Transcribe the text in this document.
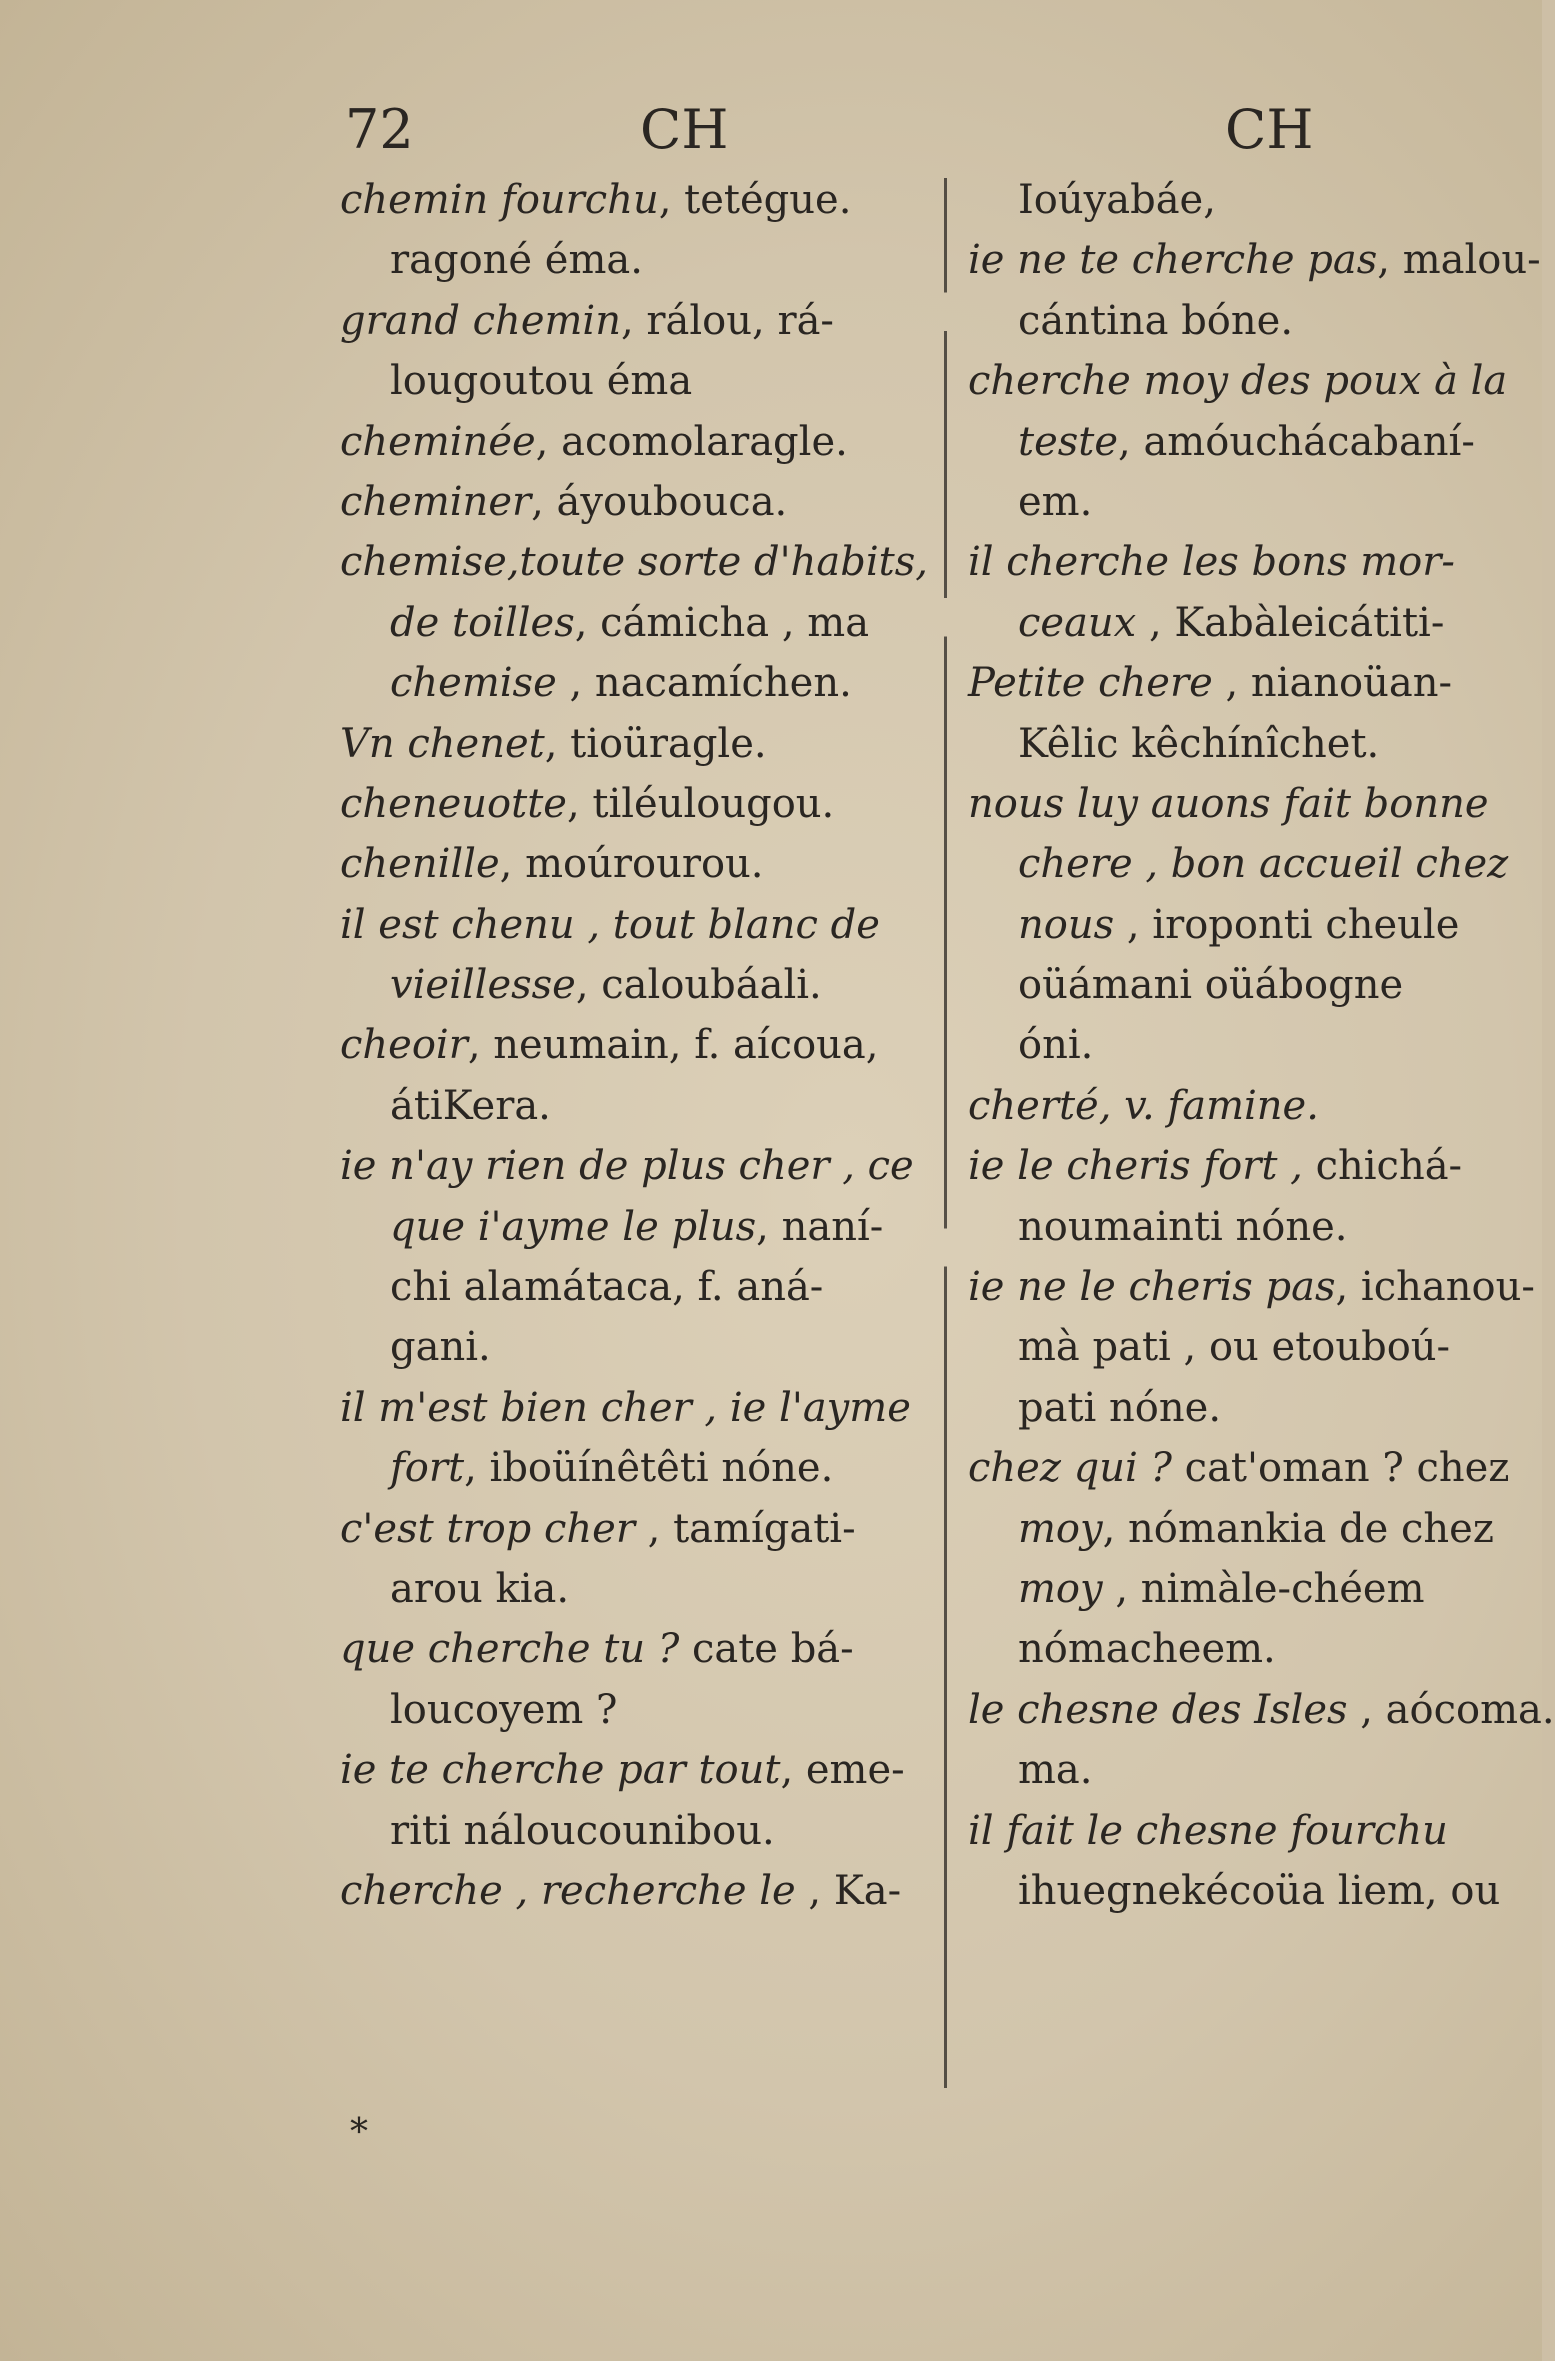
72	CH	CH
chemin fourchu, tetégue.
ragoné éma.
grand chemin, rálou, rá-
lougoutou éma
cheminée, acomolaragle.
cheminer, áyoubouca.
chemise,toute sorte d'habits,
de toilles, cámicha , ma
chemise , nacamíchen.
Vn chenet, tioüragle.
cheneuotte, tiléulougou.
chenille, moúrourou.
il est chenu , tout blanc de
vieillesse, caloubáali.
cheoir, neumain, f. aícoua,
átiKera.
ie n'ay rien de plus cher , ce
que i'ayme le plus, naní-
chi alamátaca, f. aná-
gani.
il m'est bien cher , ie l'ayme
fort, iboüínêtêti nóne.
c'est trop cher , tamígati-
arou kia.
que cherche tu ? cate bá-
loucoyem ?
ie te cherche par tout, eme-
riti náloucounibou.
cherche , recherche le , Ka-
Ioúyabáe,
ie ne te cherche pas, malou-
cántina bóne.
cherche moy des poux à la
teste, amóuchácabaní-
em.
il cherche les bons mor-
ceaux , Kabàleicátiti-
Petite chere , nianoüan-
Kêlic kêchínîchet.
nous luy auons fait bonne
chere , bon accueil chez
nous , iroponti cheule
oüámani oüábogne
óni.
cherté, v. famine.
ie le cheris fort , chichá-
noumainti nóne.
ie ne le cheris pas, ichanou-
mà pati , ou etouboú-
pati nóne.
chez qui ? cat'oman ? chez
moy, nómankia de chez
moy , nimàle-chéem
nómacheem.
le chesne des Isles , aócoma.
ma.
il fait le chesne fourchu
ihuegnekécoüa liem, ou
*
